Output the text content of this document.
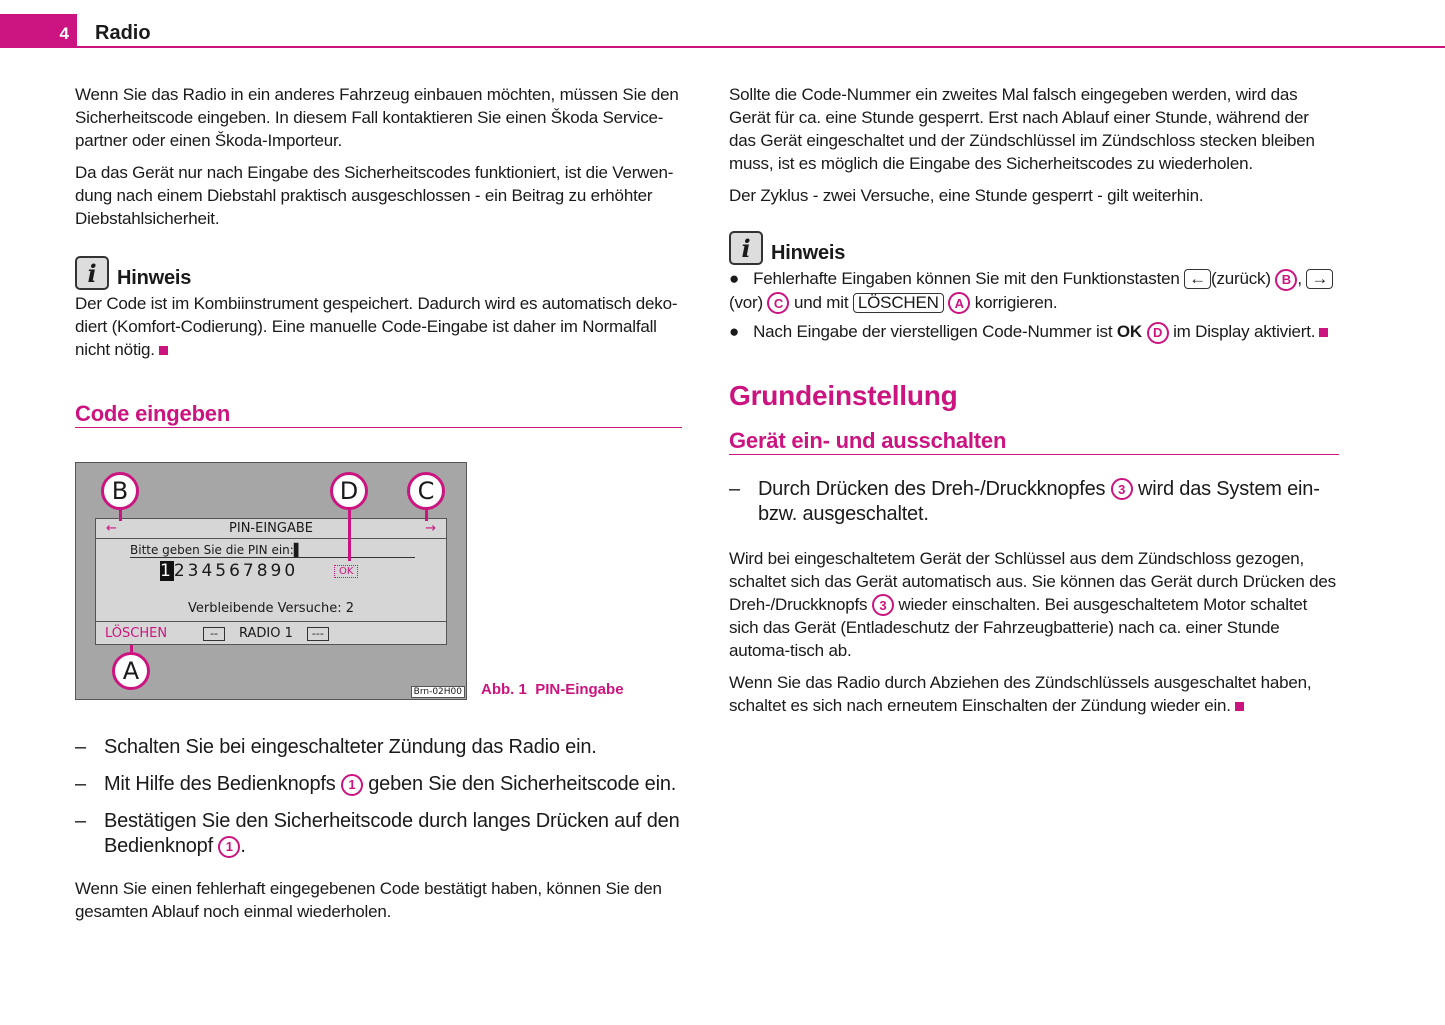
4	Radio

Wenn Sie das Radio in ein anderes Fahrzeug einbauen möchten, müssen Sie den Sicherheitscode eingeben. In diesem Fall kontaktieren Sie einen Škoda Service-partner oder einen Škoda-Importeur.

Da das Gerät nur nach Eingabe des Sicherheitscodes funktioniert, ist die Verwen-dung nach einem Diebstahl praktisch ausgeschlossen - ein Beitrag zu erhöhter Diebstahlsicherheit.

i	Hinweis

Der Code ist im Kombiinstrument gespeichert. Dadurch wird es automatisch deko-diert (Komfort-Codierung). Eine manuelle Code-Eingabe ist daher im Normalfall nicht nötig.

Code eingeben
←	PIN-EINGABE	→
Bitte geben Sie die PIN ein:▌
1234567890	OK
Verbleibende Versuche: 2
LÖSCHEN	--	RADIO 1	---
B	D	C
A
Brn-02H00 Abb. 1 PIN-Eingabe
– Schalten Sie bei eingeschalteter Zündung das Radio ein.
– Mit Hilfe des Bedienknopfs 1 geben Sie den Sicherheitscode ein.
– Bestätigen Sie den Sicherheitscode durch langes Drücken auf den Bedienknopf 1 .

Wenn Sie einen fehlerhaft eingegebenen Code bestätigt haben, können Sie den gesamten Ablauf noch einmal wiederholen.

Sollte die Code-Nummer ein zweites Mal falsch eingegeben werden, wird das Gerät für ca. eine Stunde gesperrt. Erst nach Ablauf einer Stunde, während der das Gerät eingeschaltet und der Zündschlüssel im Zündschloss stecken bleiben muss, ist es möglich die Eingabe des Sicherheitscodes zu wiederholen.

Der Zyklus - zwei Versuche, eine Stunde gesperrt - gilt weiterhin.

i	Hinweis
● Fehlerhafte Eingaben können Sie mit den Funktionstasten ← (zurück) B , →
(vor) C und mit LÖSCHEN A korrigieren.
● Nach Eingabe der vierstelligen Code-Nummer ist OK D im Display aktiviert.
Grundeinstellung
Gerät ein- und ausschalten
– Durch Drücken des Dreh-/Druckknopfes 3 wird das System ein- bzw. ausgeschaltet.

Wird bei eingeschaltetem Gerät der Schlüssel aus dem Zündschloss gezogen, schaltet sich das Gerät automatisch aus. Sie können das Gerät durch Drücken des Dreh-/Druckknopfs 3 wieder einschalten. Bei ausgeschaltetem Motor schaltet sich das Gerät (Entladeschutz der Fahrzeugbatterie) nach ca. einer Stunde automa-tisch ab.

Wenn Sie das Radio durch Abziehen des Zündschlüssels ausgeschaltet haben, schaltet es sich nach erneutem Einschalten der Zündung wieder ein.
